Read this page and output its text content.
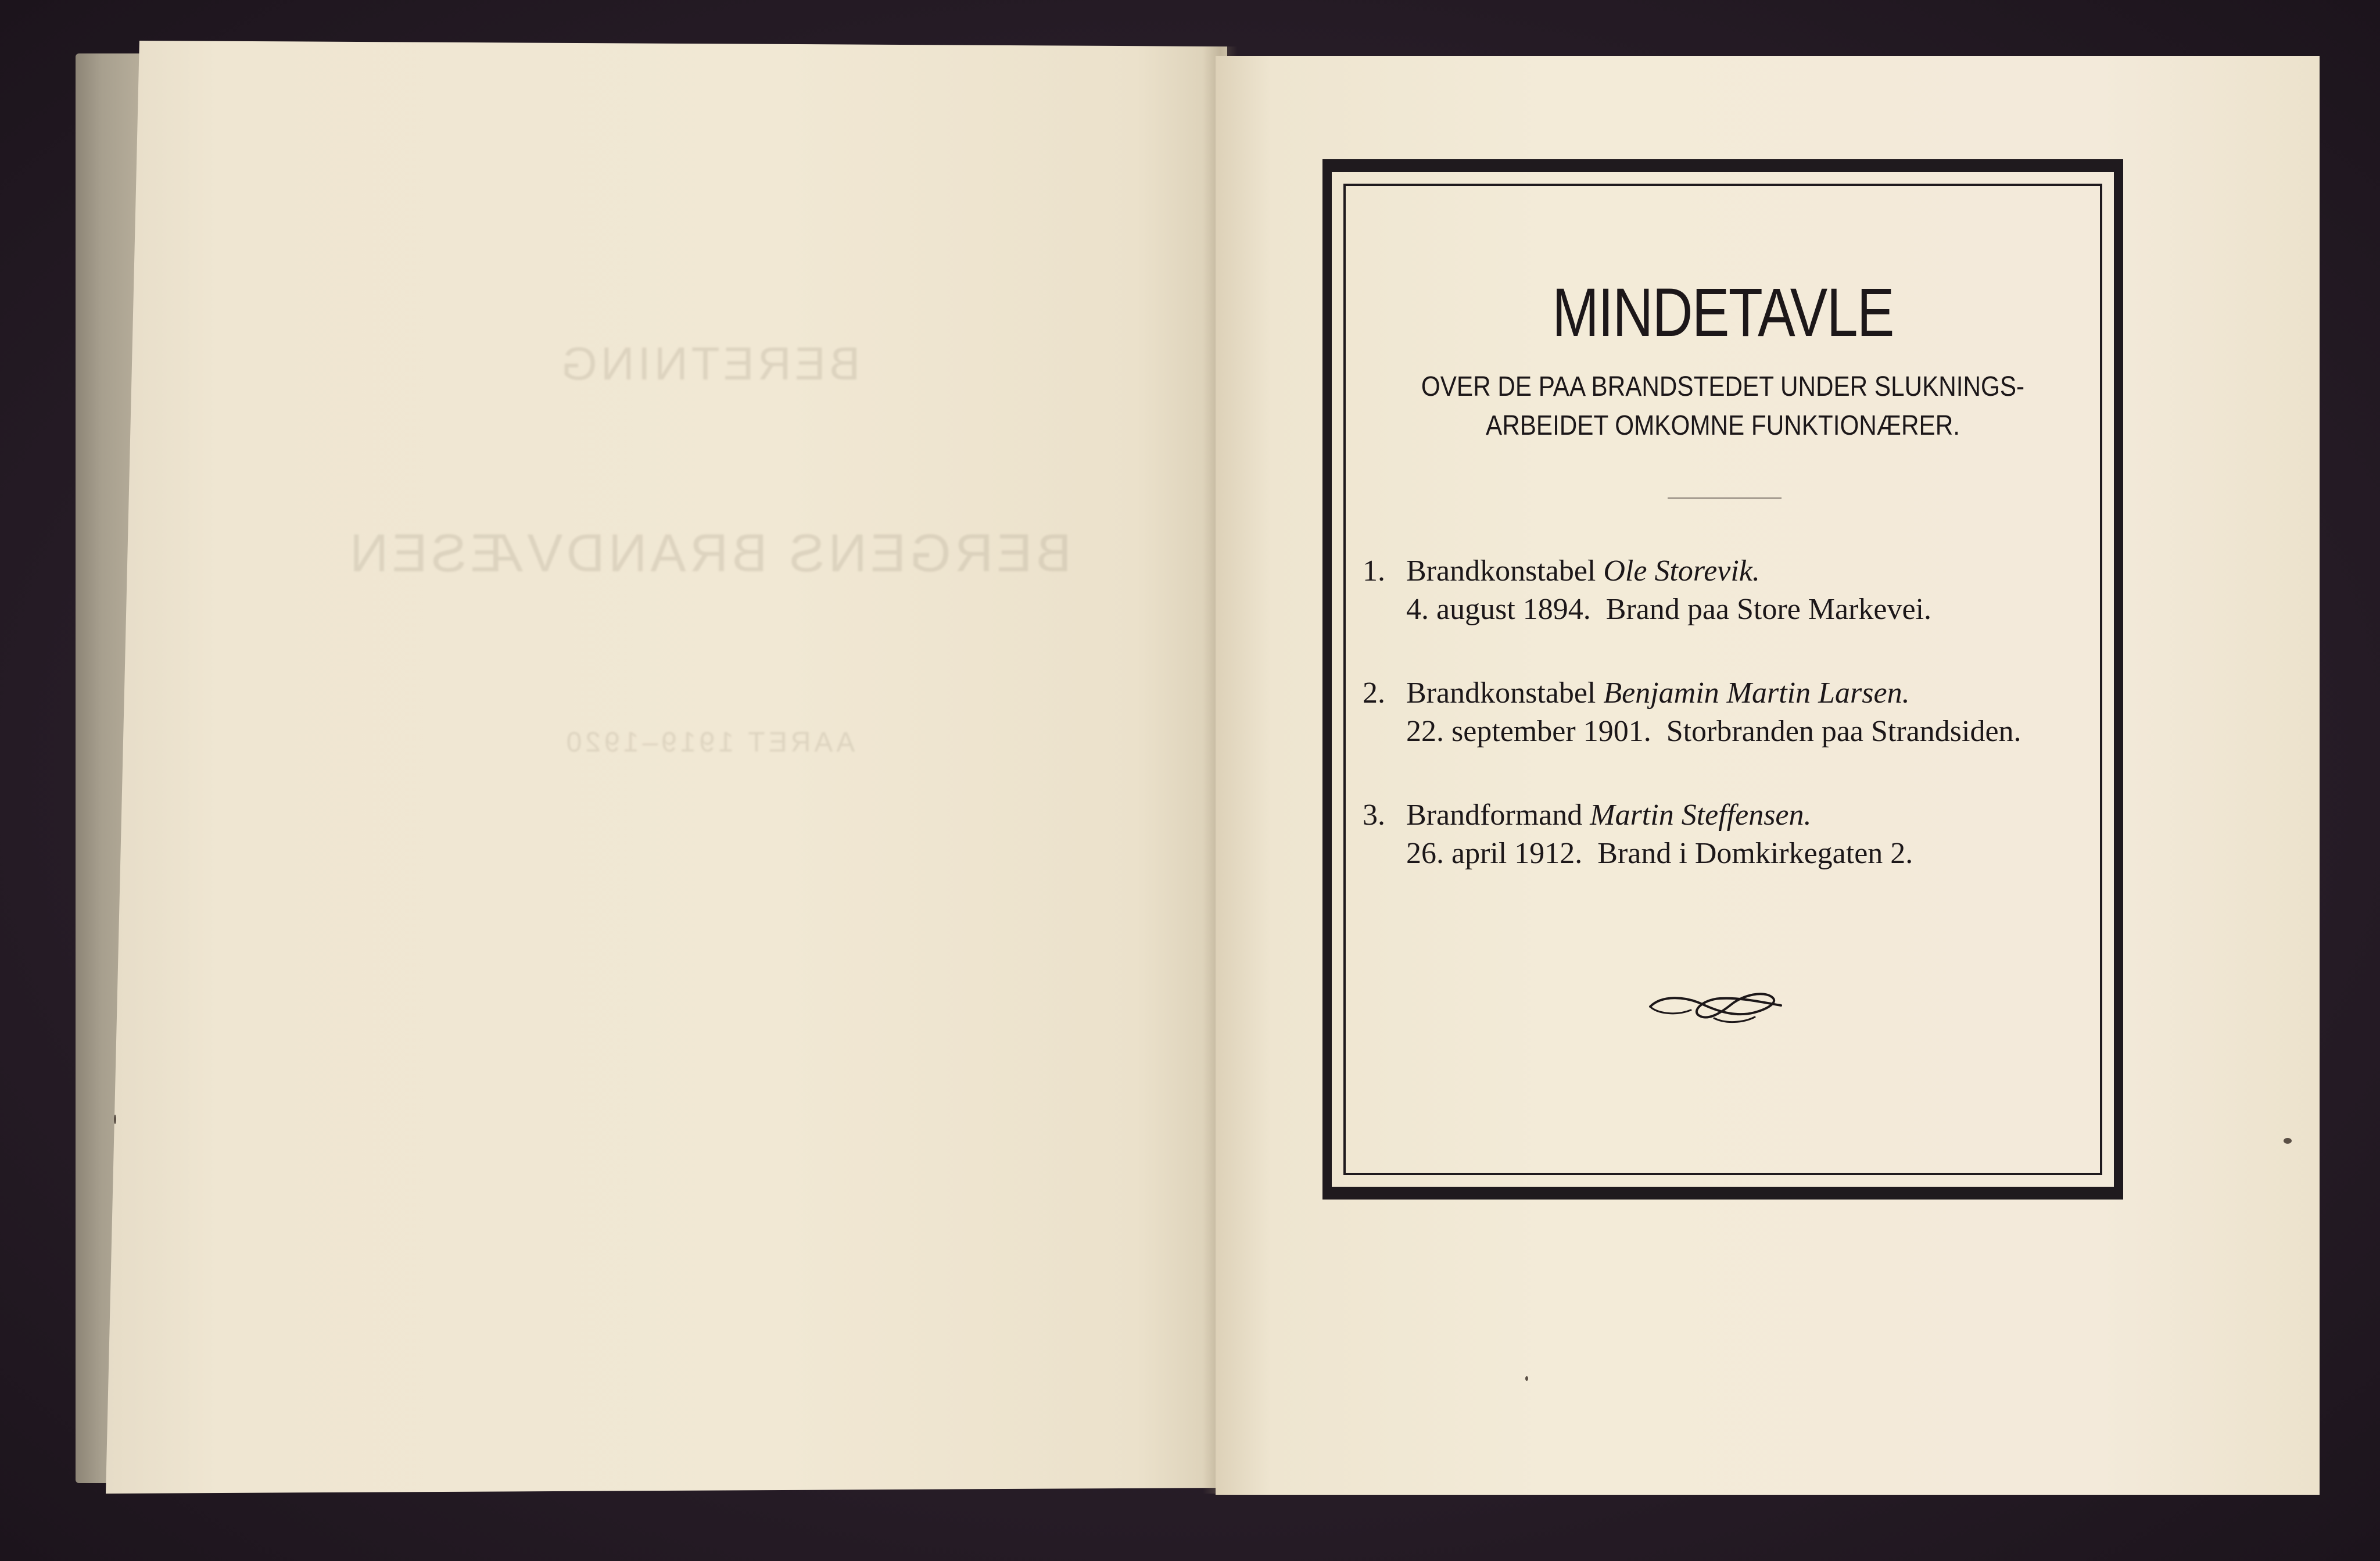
BERETNING
BERGENS BRANDVÆSEN
AARET 1919–1920
MINDETAVLE
OVER DE PAA BRANDSTEDET UNDER SLUKNINGS-
ARBEIDET OMKOMNE FUNKTIONÆRER.
1. Brandkonstabel Ole Storevik.
4. august 1894. Brand paa Store Markevei.
2. Brandkonstabel Benjamin Martin Larsen.
22. september 1901. Storbranden paa Strandsiden.
3. Brandformand Martin Steffensen.
26. april 1912. Brand i Domkirkegaten 2.
